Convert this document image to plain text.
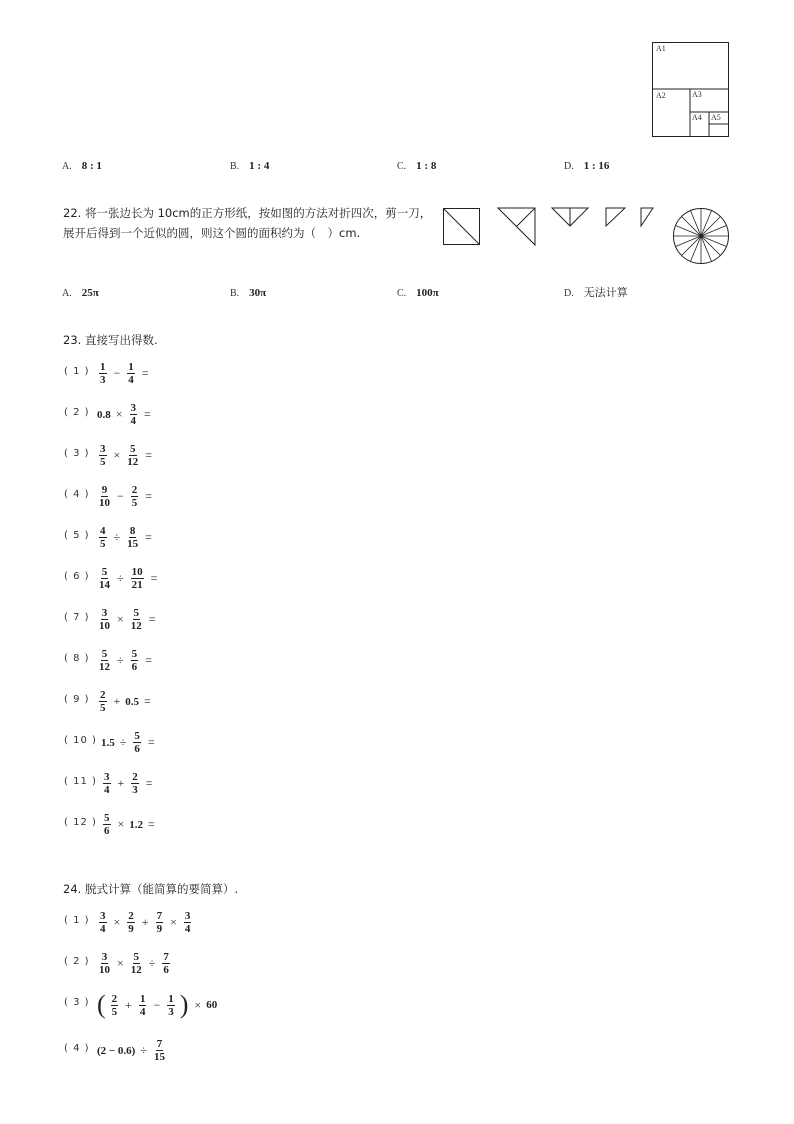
A1
A2	A3
A4 A5
A. 8 : 1	B. 1 : 4	C. 1 : 8	D. 1 : 16
22. 将一张边长为 10cm的正方形纸，按如图的方法对折四次，剪一刀，
展开后得到一个近似的圆，则这个圆的面积约为（　）cm.
A. 25π	B. 30π	C. 100π	D. 无法计算
23. 直接写出得数.
( 1 ) $\frac{1}{3} - \frac{1}{4}$ =
( 2 ) $0.8 \times \frac{3}{4}$ =
( 3 ) $\frac{3}{5} \times \frac{5}{12}$ =
( 4 ) $\frac{9}{10} - \frac{2}{5}$ =
( 5 ) $\frac{4}{5} \div \frac{8}{15}$ =
( 6 ) $\frac{5}{14} \div \frac{10}{21}$ =
( 7 ) $\frac{3}{10} \times \frac{5}{12}$ =
( 8 ) $\frac{5}{12} \div \frac{5}{6}$ =
( 9 ) $\frac{2}{5} + 0.5$ =
( 10 ) $1.5 \div \frac{5}{6}$ =
( 11 ) $\frac{3}{4} + \frac{2}{3}$ =
( 12 ) $\frac{5}{6} \times 1.2$ =
24. 脱式计算（能简算的要简算）.
( 1 ) $\frac{3}{4} \times \frac{2}{9} + \frac{7}{9} \times \frac{3}{4}$
( 2 ) $\frac{3}{10} \times \frac{5}{12} \div \frac{7}{6}$
( 3 ) ( $\frac{2}{5} + \frac{1}{4} - \frac{1}{3}$ ) × 60
( 4 ) $(2 - 0.6) \div \frac{7}{15}$
